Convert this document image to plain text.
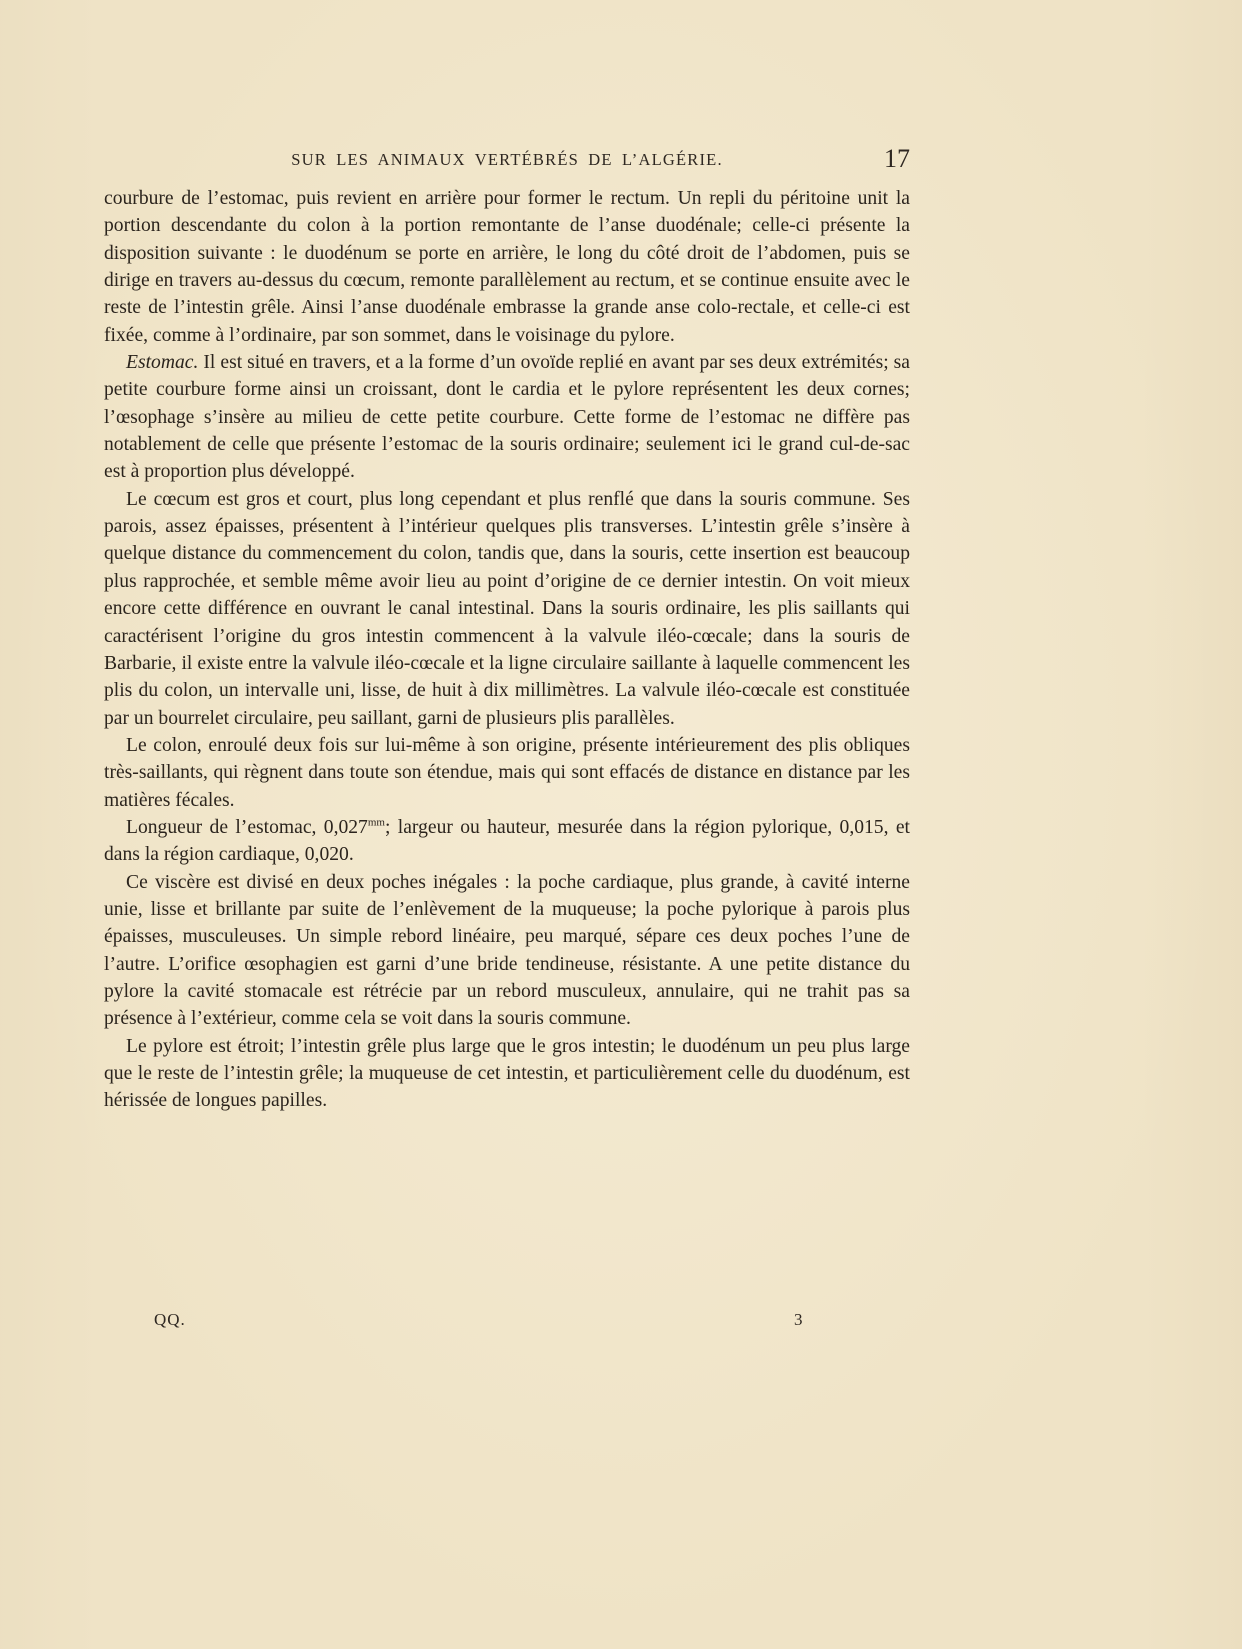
SUR LES ANIMAUX VERTÉBRÉS DE L’ALGÉRIE.	17

courbure de l’estomac, puis revient en arrière pour former le rectum. Un repli du péritoine unit la portion descendante du colon à la portion remontante de l’anse duodénale; celle-ci présente la disposition suivante : le duodénum se porte en arrière, le long du côté droit de l’abdomen, puis se dirige en travers au-dessus du cœcum, remonte parallèlement au rectum, et se continue ensuite avec le reste de l’intestin grêle. Ainsi l’anse duodénale embrasse la grande anse colo-rectale, et celle-ci est fixée, comme à l’ordinaire, par son sommet, dans le voisinage du pylore.

Estomac. Il est situé en travers, et a la forme d’un ovoïde replié en avant par ses deux extrémités; sa petite courbure forme ainsi un croissant, dont le cardia et le pylore représentent les deux cornes; l’œsophage s’insère au milieu de cette petite courbure. Cette forme de l’estomac ne diffère pas notablement de celle que présente l’estomac de la souris ordinaire; seulement ici le grand cul-de-sac est à proportion plus développé.

Le cœcum est gros et court, plus long cependant et plus renflé que dans la souris commune. Ses parois, assez épaisses, présentent à l’intérieur quelques plis transverses. L’intestin grêle s’insère à quelque distance du commencement du colon, tandis que, dans la souris, cette insertion est beaucoup plus rapprochée, et semble même avoir lieu au point d’origine de ce dernier intestin. On voit mieux encore cette différence en ouvrant le canal intestinal. Dans la souris ordinaire, les plis saillants qui caractérisent l’origine du gros intestin commencent à la valvule iléo-cœcale; dans la souris de Barbarie, il existe entre la valvule iléo-cœcale et la ligne circulaire saillante à laquelle commencent les plis du colon, un intervalle uni, lisse, de huit à dix millimètres. La valvule iléo-cœcale est constituée par un bourrelet circulaire, peu saillant, garni de plusieurs plis parallèles.

Le colon, enroulé deux fois sur lui-même à son origine, présente intérieurement des plis obliques très-saillants, qui règnent dans toute son étendue, mais qui sont effacés de distance en distance par les matières fécales.

Longueur de l’estomac, $0,027^{mm}$; largeur ou hauteur, mesurée dans la région pylorique, 0,015, et dans la région cardiaque, 0,020.

Ce viscère est divisé en deux poches inégales : la poche cardiaque, plus grande, à cavité interne unie, lisse et brillante par suite de l’enlèvement de la muqueuse; la poche pylorique à parois plus épaisses, musculeuses. Un simple rebord linéaire, peu marqué, sépare ces deux poches l’une de l’autre. L’orifice œsophagien est garni d’une bride tendineuse, résistante. A une petite distance du pylore la cavité stomacale est rétrécie par un rebord musculeux, annulaire, qui ne trahit pas sa présence à l’extérieur, comme cela se voit dans la souris commune.

Le pylore est étroit; l’intestin grêle plus large que le gros intestin; le duodénum un peu plus large que le reste de l’intestin grêle; la muqueuse de cet intestin, et particulièrement celle du duodénum, est hérissée de longues papilles.

QQ.	3
